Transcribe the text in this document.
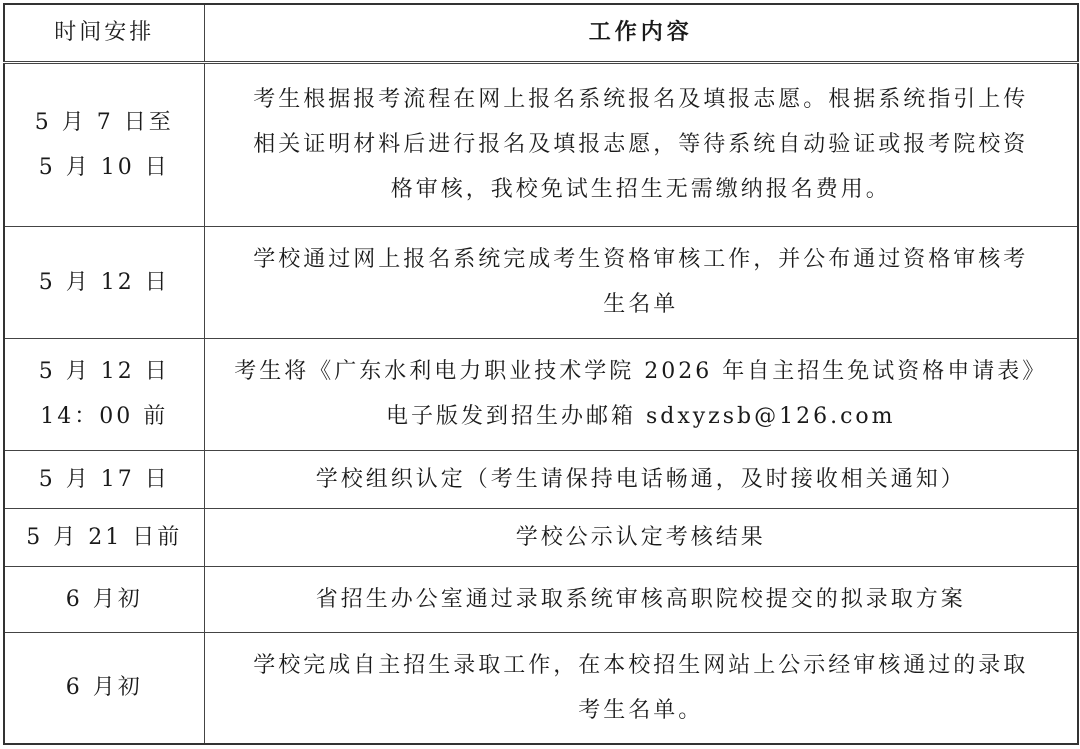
时间安排	工作内容

5 月 7 日至
5 月 10 日	考生根据报考流程在网上报名系统报名及填报志愿。根据系统指引上传
相关证明材料后进行报名及填报志愿，等待系统自动验证或报考院校资
格审核，我校免试生招生无需缴纳报名费用。

5 月 12 日	学校通过网上报名系统完成考生资格审核工作，并公布通过资格审核考
生名单

5 月 12 日
14：00 前	考生将《广东水利电力职业技术学院 2026 年自主招生免试资格申请表》
电子版发到招生办邮箱 sdxyzsb@126.com

5 月 17 日	学校组织认定（考生请保持电话畅通，及时接收相关通知）

5 月 21 日前	学校公示认定考核结果

6 月初	省招生办公室通过录取系统审核高职院校提交的拟录取方案

6 月初	学校完成自主招生录取工作，在本校招生网站上公示经审核通过的录取
考生名单。
